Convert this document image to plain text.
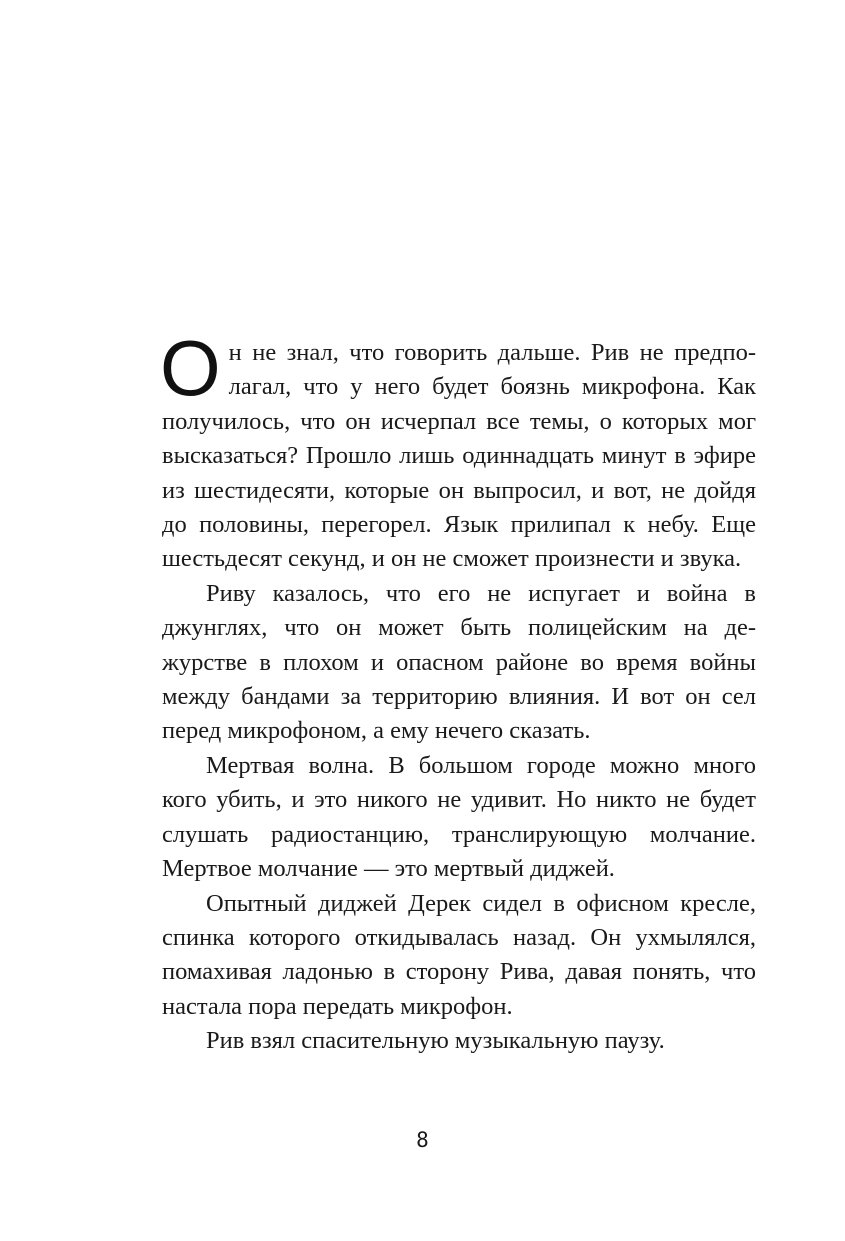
Он не знал, что говорить дальше. Рив не предполагал, что у него будет боязнь микрофона. Как получилось, что он исчерпал все темы, о которых мог высказаться? Прошло лишь одиннадцать минут в эфире из шестидесяти, которые он выпросил, и вот, не дойдя до половины, перегорел. Язык прилипал к небу. Еще шестьдесят секунд, и он не сможет произнести и звука.

Риву казалось, что его не испугает и война в джунглях, что он может быть полицейским на дежурстве в плохом и опасном районе во время войны между бандами за территорию влияния. И вот он сел перед микрофоном, а ему нечего сказать.

Мертвая волна. В большом городе можно много кого убить, и это никого не удивит. Но никто не будет слушать радиостанцию, транслирующую молчание. Мертвое молчание — это мертвый диджей.

Опытный диджей Дерек сидел в офисном кресле, спинка которого откидывалась назад. Он ухмылялся, помахивая ладонью в сторону Рива, давая понять, что настала пора передать микрофон.

Рив взял спасительную музыкальную паузу.

8
